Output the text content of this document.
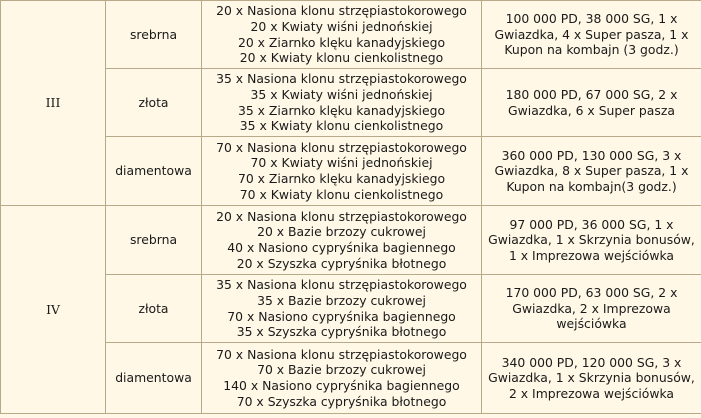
III	srebrna	20 x Nasiona klonu strzępiastokorowego
20 x Kwiaty wiśni jednońskiej
20 x Ziarnko klęku kanadyjskiego
20 x Kwiaty klonu cienkolistnego	100 000 PD, 38 000 SG, 1 x Gwiazdka, 4 x Super pasza, 1 x Kupon na kombajn (3 godz.)

	złota	35 x Nasiona klonu strzępiastokorowego
35 x Kwiaty wiśni jednońskiej
35 x Ziarnko klęku kanadyjskiego
35 x Kwiaty klonu cienkolistnego	180 000 PD, 67 000 SG, 2 x Gwiazdka, 6 x Super pasza

	diamentowa	70 x Nasiona klonu strzępiastokorowego
70 x Kwiaty wiśni jednońskiej
70 x Ziarnko klęku kanadyjskiego
70 x Kwiaty klonu cienkolistnego	360 000 PD, 130 000 SG, 3 x Gwiazdka, 8 x Super pasza, 1 x Kupon na kombajn(3 godz.)

IV	srebrna	20 x Nasiona klonu strzępiastokorowego
20 x Bazie brzozy cukrowej
40 x Nasiono cypryśnika bagiennego
20 x Szyszka cypryśnika błotnego	97 000 PD, 36 000 SG, 1 x Gwiazdka, 1 x Skrzynia bonusów, 1 x Imprezowa wejściówka

	złota	35 x Nasiona klonu strzępiastokorowego
35 x Bazie brzozy cukrowej
70 x Nasiono cypryśnika bagiennego
35 x Szyszka cypryśnika błotnego	170 000 PD, 63 000 SG, 2 x Gwiazdka, 2 x Imprezowa wejściówka

	diamentowa	70 x Nasiona klonu strzępiastokorowego
70 x Bazie brzozy cukrowej
140 x Nasiono cypryśnika bagiennego
70 x Szyszka cypryśnika błotnego	340 000 PD, 120 000 SG, 3 x Gwiazdka, 1 x Skrzynia bonusów, 2 x Imprezowa wejściówka
